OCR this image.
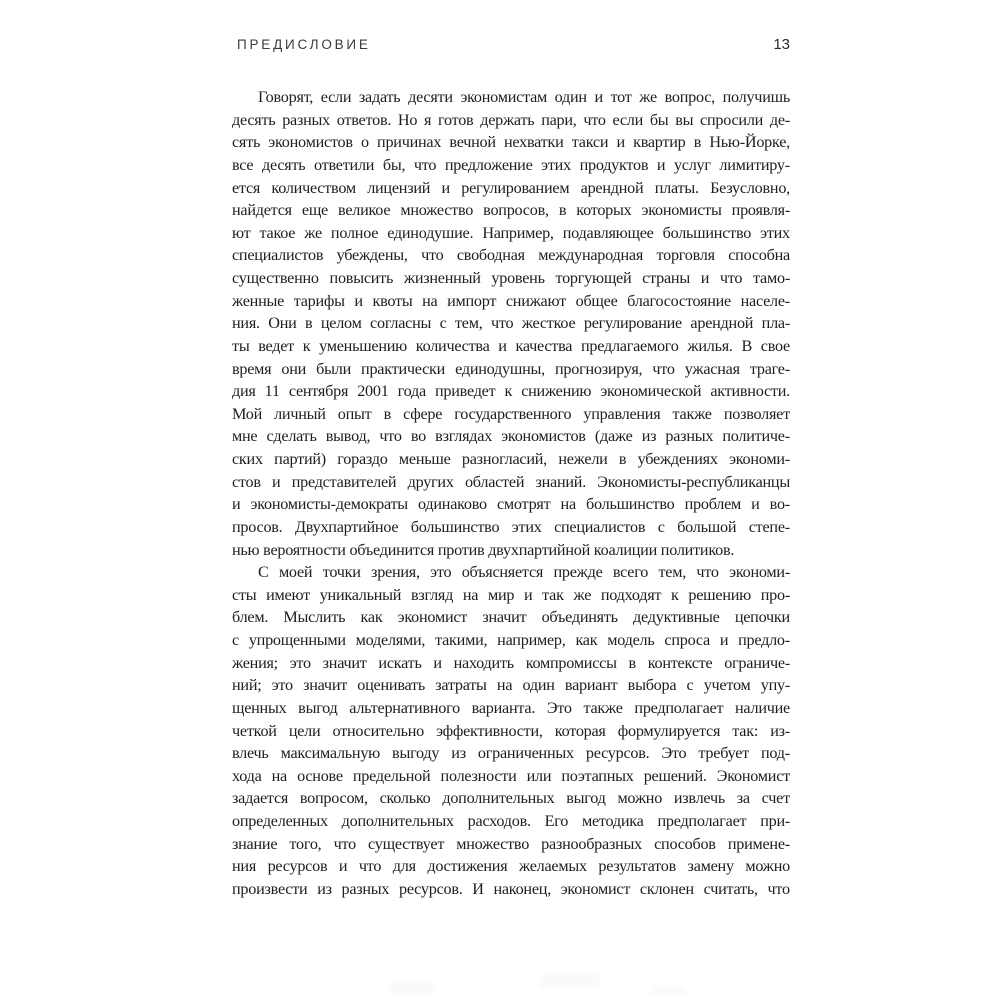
ПРЕДИСЛОВИЕ	13
Говорят, если задать десяти экономистам один и тот же вопрос, получишь
десять разных ответов. Но я готов держать пари, что если бы вы спросили де-
сять экономистов о причинах вечной нехватки такси и квартир в Нью-Йорке,
все десять ответили бы, что предложение этих продуктов и услуг лимитиру-
ется количеством лицензий и регулированием арендной платы. Безусловно,
найдется еще великое множество вопросов, в которых экономисты проявля-
ют такое же полное единодушие. Например, подавляющее большинство этих
специалистов убеждены, что свободная международная торговля способна
существенно повысить жизненный уровень торгующей страны и что тамо-
женные тарифы и квоты на импорт снижают общее благосостояние населе-
ния. Они в целом согласны с тем, что жесткое регулирование арендной пла-
ты ведет к уменьшению количества и качества предлагаемого жилья. В свое
время они были практически единодушны, прогнозируя, что ужасная траге-
дия 11 сентября 2001 года приведет к снижению экономической активности.
Мой личный опыт в сфере государственного управления также позволяет
мне сделать вывод, что во взглядах экономистов (даже из разных политиче-
ских партий) гораздо меньше разногласий, нежели в убеждениях экономи-
стов и представителей других областей знаний. Экономисты-республиканцы
и экономисты-демократы одинаково смотрят на большинство проблем и во-
просов. Двухпартийное большинство этих специалистов с большой степе-
нью вероятности объединится против двухпартийной коалиции политиков.
С моей точки зрения, это объясняется прежде всего тем, что экономи-
сты имеют уникальный взгляд на мир и так же подходят к решению про-
блем. Мыслить как экономист значит объединять дедуктивные цепочки
с упрощенными моделями, такими, например, как модель спроса и предло-
жения; это значит искать и находить компромиссы в контексте ограниче-
ний; это значит оценивать затраты на один вариант выбора с учетом упу-
щенных выгод альтернативного варианта. Это также предполагает наличие
четкой цели относительно эффективности, которая формулируется так: из-
влечь максимальную выгоду из ограниченных ресурсов. Это требует под-
хода на основе предельной полезности или поэтапных решений. Экономист
задается вопросом, сколько дополнительных выгод можно извлечь за счет
определенных дополнительных расходов. Его методика предполагает при-
знание того, что существует множество разнообразных способов примене-
ния ресурсов и что для достижения желаемых результатов замену можно
произвести из разных ресурсов. И наконец, экономист склонен считать, что
